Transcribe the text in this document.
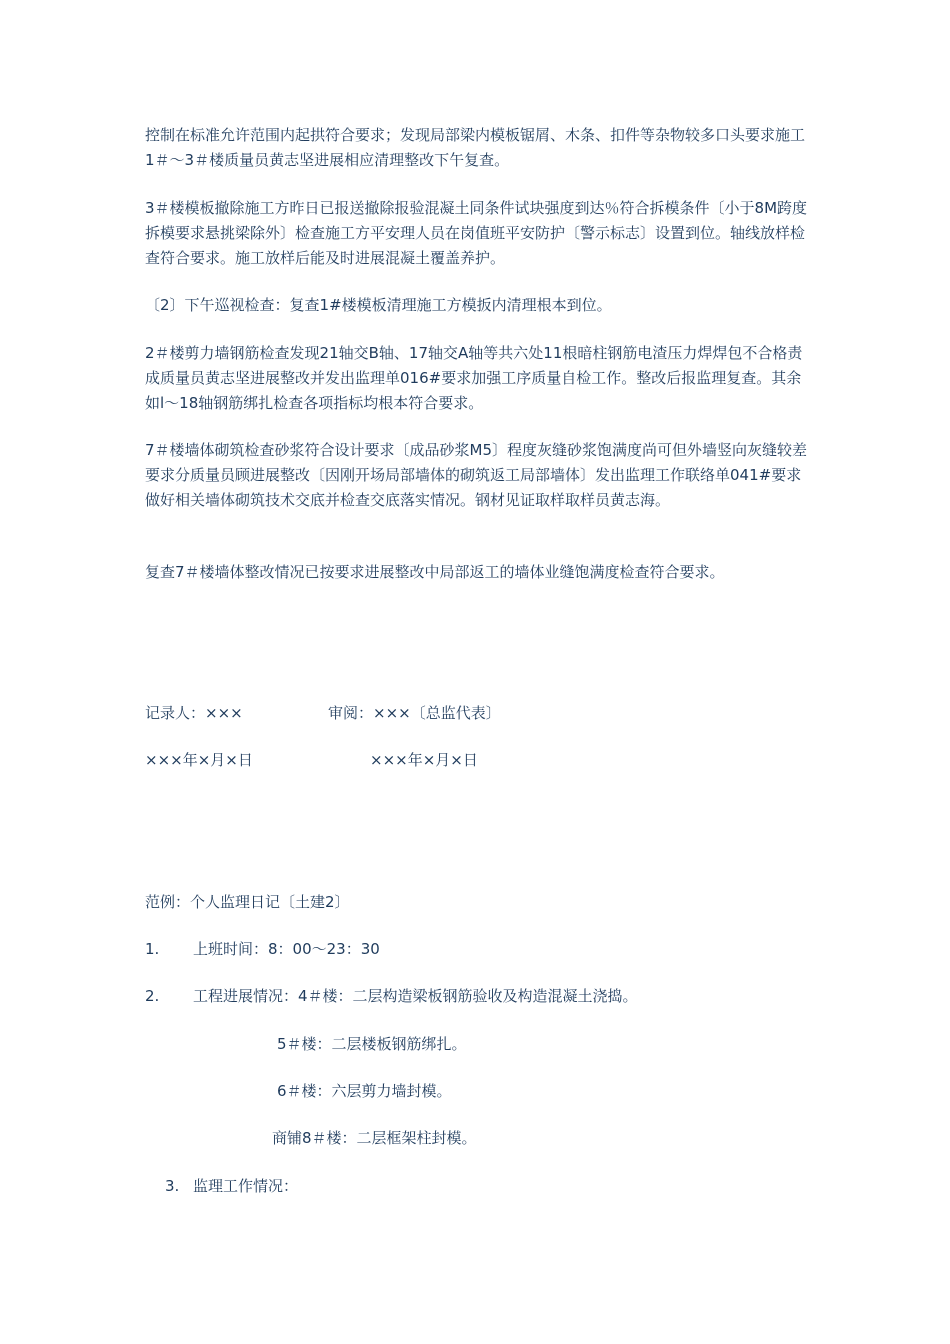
控制在标准允许范围内起拱符合要求；发现局部梁内模板锯屑、木条、扣件等杂物较多口头要求施工1＃～3＃楼质量员黄志坚进展相应清理整改下午复查。

3＃楼模板撤除施工方昨日已报送撤除报验混凝土同条件试块强度到达％符合拆模条件〔小于8M跨度拆模要求悬挑梁除外〕检查施工方平安理人员在岗值班平安防护〔警示标志〕设置到位。轴线放样检查符合要求。施工放样后能及时进展混凝土覆盖养护。

〔2〕下午巡视检查：复查1#楼模板清理施工方模扳内清理根本到位。

2＃楼剪力墙钢筋检查发现21轴交B轴、17轴交A轴等共六处11根暗柱钢筋电渣压力焊焊包不合格责成质量员黄志坚进展整改并发出监理单016#要求加强工序质量自检工作。整改后报监理复查。其余如l～18轴钢筋绑扎检查各项指标均根本符合要求。

7＃楼墙体砌筑检查砂浆符合设计要求〔成品砂浆M5〕程度灰缝砂浆饱满度尚可但外墙竖向灰缝较差要求分质量员顾进展整改〔因刚开场局部墙体的砌筑返工局部墙体〕发出监理工作联络单041#要求做好相关墙体砌筑技术交底并检查交底落实情况。钢材见证取样取样员黄志海。

复查7＃楼墙体整改情况已按要求进展整改中局部返工的墙体业缝饱满度检查符合要求。

记录人：×××	审阅：×××〔总监代表〕

×××年×月×日	×××年×月×日

范例：个人监理日记〔土建2〕

1. 上班时间：8：00～23：30

2. 工程进展情况：4＃楼：二层构造梁板钢筋验收及构造混凝土浇捣。

5＃楼：二层楼板钢筋绑扎。

6＃楼：六层剪力墙封模。

商铺8＃楼：二层框架柱封模。

3. 监理工作情况：
